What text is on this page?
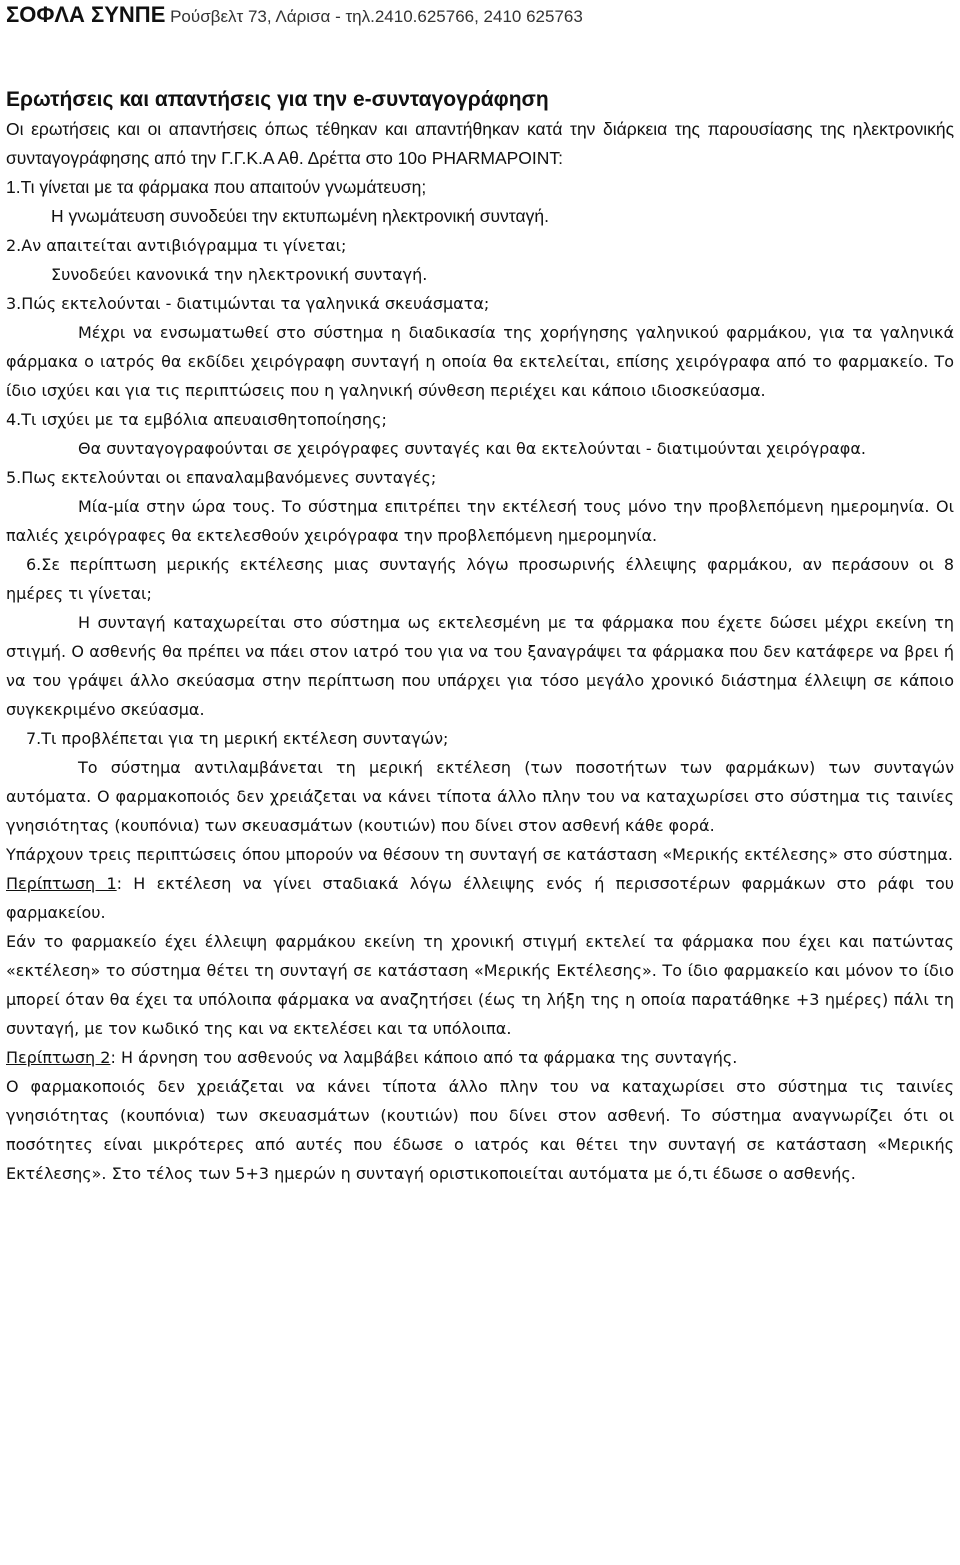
ΣΟΦΛΑ ΣΥΝΠΕ Ρούσβελτ 73, Λάρισα - τηλ.2410.625766, 2410 625763
Ερωτήσεις και απαντήσεις για την e-συνταγογράφηση

Οι ερωτήσεις και οι απαντήσεις όπως τέθηκαν και απαντήθηκαν κατά την διάρκεια της παρουσίασης της ηλεκτρονικής συνταγογράφησης από την Γ.Γ.Κ.Α Αθ. Δρέττα στο 10ο PHARMAPOINT:

1.Τι γίνεται με τα φάρμακα που απαιτούν γνωμάτευση;

Η γνωμάτευση συνοδεύει την εκτυπωμένη ηλεκτρονική συνταγή.

2.Αν απαιτείται αντιβιόγραμμα τι γίνεται;

Συνοδεύει κανονικά την ηλεκτρονική συνταγή.

3.Πώς εκτελούνται - διατιμώνται τα γαληνικά σκευάσματα;

Μέχρι να ενσωματωθεί στο σύστημα η διαδικασία της χορήγησης γαληνικού φαρμάκου, για τα γαληνικά φάρμακα ο ιατρός θα εκδίδει χειρόγραφη συνταγή η οποία θα εκτελείται, επίσης χειρόγραφα από το φαρμακείο. Το ίδιο ισχύει και για τις περιπτώσεις που η γαληνική σύνθεση περιέχει και κάποιο ιδιοσκεύασμα.

4.Τι ισχύει με τα εμβόλια απευαισθητοποίησης;

Θα συνταγογραφούνται σε χειρόγραφες συνταγές και θα εκτελούνται - διατιμούνται χειρόγραφα.

5.Πως εκτελούνται οι επαναλαμβανόμενες συνταγές;

Μία-μία στην ώρα τους. Το σύστημα επιτρέπει την εκτέλεσή τους μόνο την προβλεπόμενη ημερομηνία. Οι παλιές χειρόγραφες θα εκτελεσθούν χειρόγραφα την προβλεπόμενη ημερομηνία.

6.Σε περίπτωση μερικής εκτέλεσης μιας συνταγής λόγω προσωρινής έλλειψης φαρμάκου, αν περάσουν οι 8 ημέρες τι γίνεται;

Η συνταγή καταχωρείται στο σύστημα ως εκτελεσμένη με τα φάρμακα που έχετε δώσει μέχρι εκείνη τη στιγμή. Ο ασθενής θα πρέπει να πάει στον ιατρό του για να του ξαναγράψει τα φάρμακα που δεν κατάφερε να βρει ή να του γράψει άλλο σκεύασμα στην περίπτωση που υπάρχει για τόσο μεγάλο χρονικό διάστημα έλλειψη σε κάποιο συγκεκριμένο σκεύασμα.

7.Τι προβλέπεται για τη μερική εκτέλεση συνταγών;

Το σύστημα αντιλαμβάνεται τη μερική εκτέλεση (των ποσοτήτων των φαρμάκων) των συνταγών αυτόματα. Ο φαρμακοποιός δεν χρειάζεται να κάνει τίποτα άλλο πλην του να καταχωρίσει στο σύστημα τις ταινίες γνησιότητας (κουπόνια) των σκευασμάτων (κουτιών) που δίνει στον ασθενή κάθε φορά.

Υπάρχουν τρεις περιπτώσεις όπου μπορούν να θέσουν τη συνταγή σε κατάσταση «Μερικής εκτέλεσης» στο σύστημα.

Περίπτωση 1: Η εκτέλεση να γίνει σταδιακά λόγω έλλειψης ενός ή περισσοτέρων φαρμάκων στο ράφι του φαρμακείου.

Εάν το φαρμακείο έχει έλλειψη φαρμάκου εκείνη τη χρονική στιγμή εκτελεί τα φάρμακα που έχει και πατώντας «εκτέλεση» το σύστημα θέτει τη συνταγή σε κατάσταση «Μερικής Εκτέλεσης». Το ίδιο φαρμακείο και μόνον το ίδιο μπορεί όταν θα έχει τα υπόλοιπα φάρμακα να αναζητήσει (έως τη λήξη της η οποία παρατάθηκε +3 ημέρες) πάλι τη συνταγή, με τον κωδικό της και να εκτελέσει και τα υπόλοιπα.

Περίπτωση 2: Η άρνηση του ασθενούς να λαμβάβει κάποιο από τα φάρμακα της συνταγής.

Ο φαρμακοποιός δεν χρειάζεται να κάνει τίποτα άλλο πλην του να καταχωρίσει στο σύστημα τις ταινίες γνησιότητας (κουπόνια) των σκευασμάτων (κουτιών) που δίνει στον ασθενή. Το σύστημα αναγνωρίζει ότι οι ποσότητες είναι μικρότερες από αυτές που έδωσε ο ιατρός και θέτει την συνταγή σε κατάσταση «Μερικής Εκτέλεσης». Στο τέλος των 5+3 ημερών η συνταγή οριστικοποιείται αυτόματα με ό,τι έδωσε ο ασθενής.
